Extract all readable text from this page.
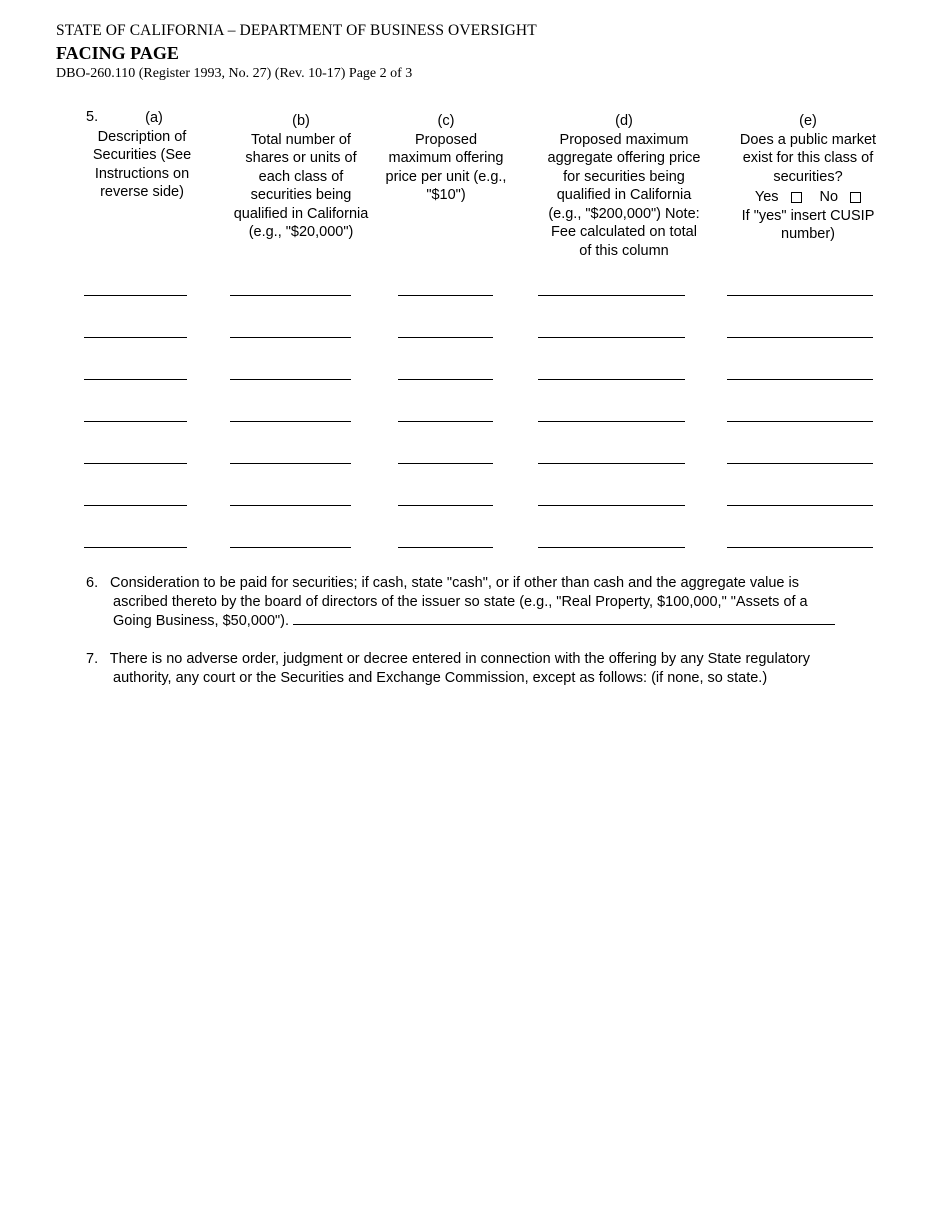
STATE OF CALIFORNIA – DEPARTMENT OF BUSINESS OVERSIGHT
FACING PAGE
DBO-260.110 (Register 1993, No. 27) (Rev. 10-17) Page 2 of 3
5.	(a)
Description of
Securities (See
Instructions on
reverse side)
(b)
Total number of
shares or units of
each class of
securities being
qualified in California
(e.g., "$20,000")
(c)
Proposed
maximum offering
price per unit (e.g.,
"$10")
(d)
Proposed maximum
aggregate offering price
for securities being
qualified in California
(e.g., "$200,000") Note:
Fee calculated on total
of this column
(e)
Does a public market
exist for this class of
securities?
Yes	No
If "yes" insert CUSIP
number)
6. Consideration to be paid for securities; if cash, state "cash", or if other than cash and the aggregate value is
ascribed thereto by the board of directors of the issuer so state (e.g., "Real Property, $100,000," "Assets of a
Going Business, $50,000").
7. There is no adverse order, judgment or decree entered in connection with the offering by any State regulatory
authority, any court or the Securities and Exchange Commission, except as follows: (if none, so state.)
